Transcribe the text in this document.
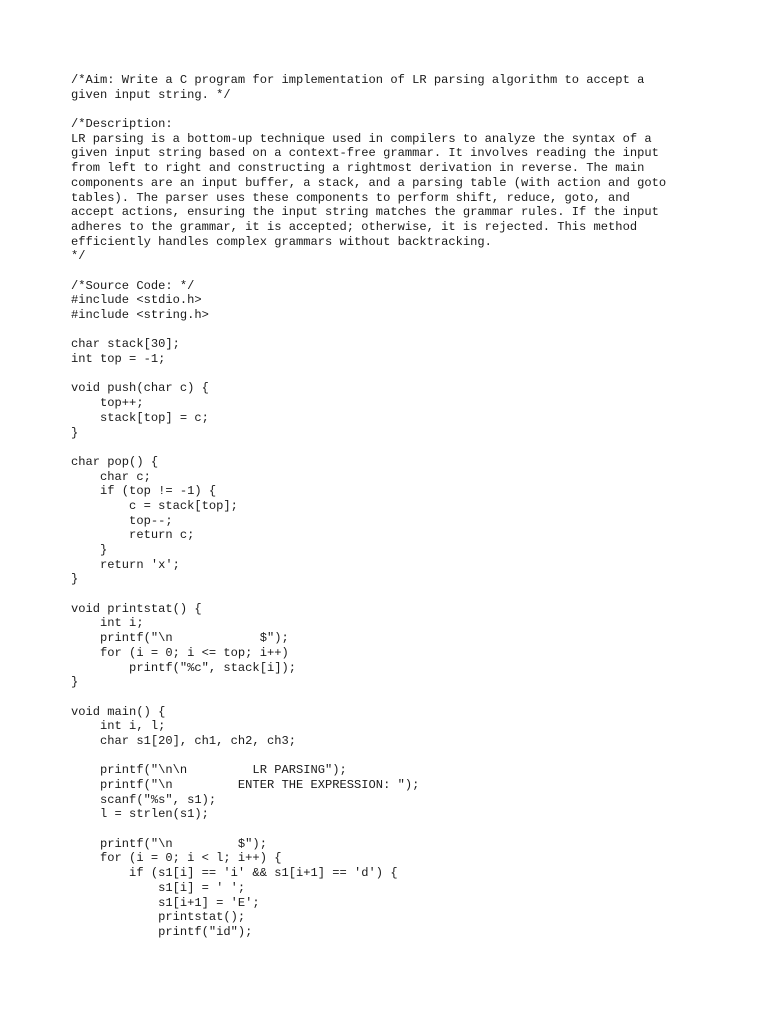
/*Aim: Write a C program for implementation of LR parsing algorithm to accept a
given input string. */
/*Description:
LR parsing is a bottom-up technique used in compilers to analyze the syntax of a
given input string based on a context-free grammar. It involves reading the input
from left to right and constructing a rightmost derivation in reverse. The main
components are an input buffer, a stack, and a parsing table (with action and goto
tables). The parser uses these components to perform shift, reduce, goto, and
accept actions, ensuring the input string matches the grammar rules. If the input
adheres to the grammar, it is accepted; otherwise, it is rejected. This method
efficiently handles complex grammars without backtracking.
*/
/*Source Code: */
#include <stdio.h>
#include <string.h>
char stack[30];
int top = -1;
void push(char c) {
top++;
stack[top] = c;
}
char pop() {
char c;
if (top != -1) {
c = stack[top];
top--;
return c;
}
return 'x';
}
void printstat() {
int i;
printf("\n            $");
for (i = 0; i <= top; i++)
printf("%c", stack[i]);
}
void main() {
int i, l;
char s1[20], ch1, ch2, ch3;
printf("\n\n         LR PARSING");
printf("\n         ENTER THE EXPRESSION: ");
scanf("%s", s1);
l = strlen(s1);
printf("\n         $");
for (i = 0; i < l; i++) {
if (s1[i] == 'i' && s1[i+1] == 'd') {
s1[i] = ' ';
s1[i+1] = 'E';
printstat();
printf("id");
